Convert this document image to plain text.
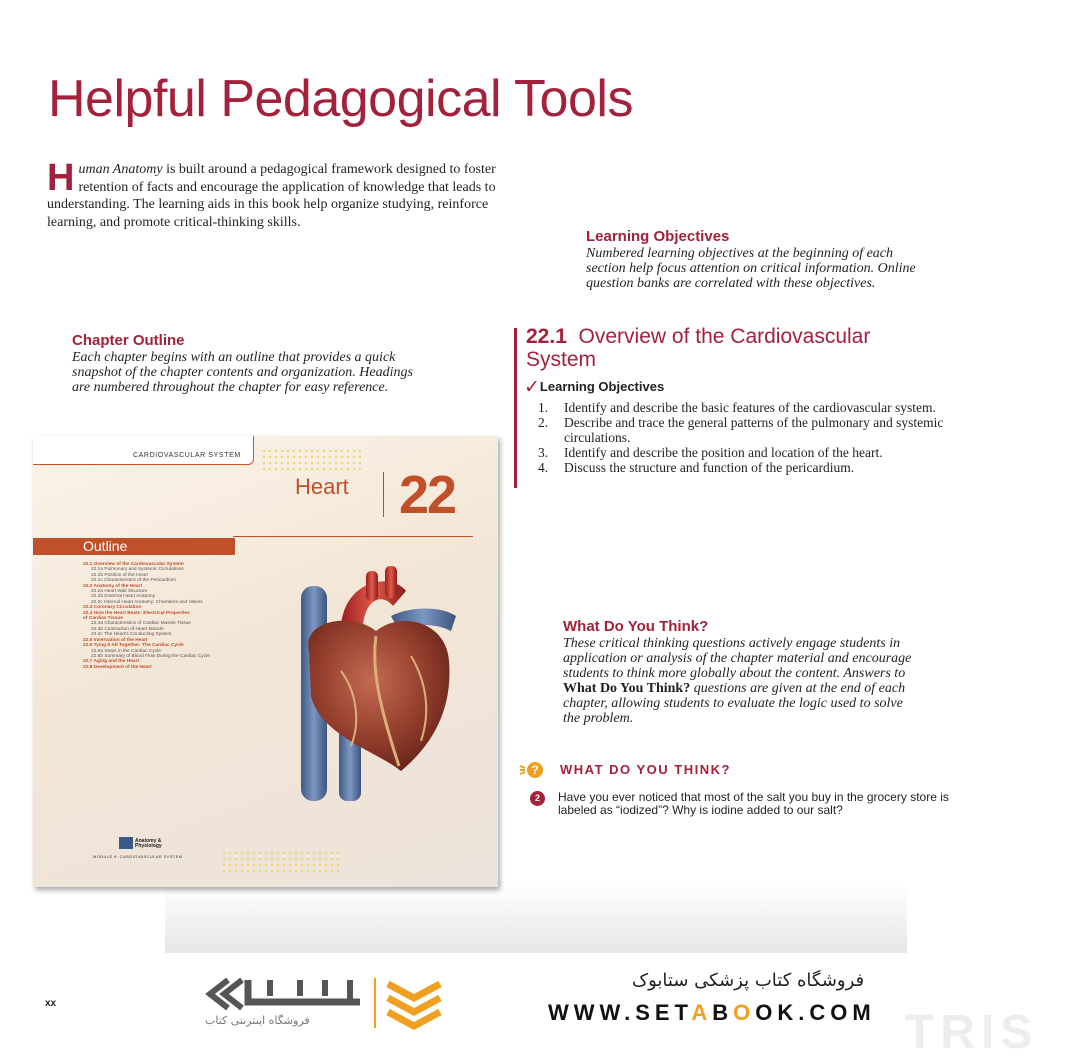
Helpful Pedagogical Tools
Human Anatomy is built around a pedagogical framework designed to foster retention of facts and encourage the application of knowledge that leads to understanding. The learning aids in this book help organize studying, reinforce learning, and promote critical-thinking skills.
Learning Objectives
Numbered learning objectives at the beginning of each section help focus attention on critical information. Online question banks are correlated with these objectives.
Chapter Outline
Each chapter begins with an outline that provides a quick snapshot of the chapter contents and organization. Headings are numbered throughout the chapter for easy reference.
CARDIOVASCULAR SYSTEM
Heart 22
Outline
22.1 Overview of the Cardiovascular System
22.1a Pulmonary and Systemic Circulations
22.1b Position of the Heart
22.1c Characteristics of the Pericardium
22.2 Anatomy of the Heart
22.2a Heart Wall Structure
22.2b External Heart Anatomy
22.2c Internal Heart Anatomy: Chambers and Valves
22.3 Coronary Circulation
22.4 How the Heart Beats: Electrical Properties
of Cardiac Tissue
22.4a Characteristics of Cardiac Muscle Tissue
22.4b Contraction of Heart Muscle
22.4c The Heart's Conducting System
22.5 Innervation of the Heart
22.6 Tying It All Together: The Cardiac Cycle
22.6a Steps in the Cardiac Cycle
22.6b Summary of Blood Flow During the Cardiac Cycle
22.7 Aging and the Heart
22.8 Development of the Heart
Anatomy &
Physiology
MODULE 9: CARDIOVASCULAR SYSTEM
22.1 Overview of the Cardiovascular System
✓Learning Objectives
1. Identify and describe the basic features of the cardiovascular system.
2. Describe and trace the general patterns of the pulmonary and systemic circulations.
3. Identify and describe the position and location of the heart.
4. Discuss the structure and function of the pericardium.
What Do You Think?
These critical thinking questions actively engage students in application or analysis of the chapter material and encourage students to think more globally about the content. Answers to What Do You Think? questions are given at the end of each chapter, allowing students to evaluate the logic used to solve the problem.
?	WHAT DO YOU THINK?
2	Have you ever noticed that most of the salt you buy in the grocery store is labeled as “iodized”? Why is iodine added to our salt?
xx
فروشگاه اینترنتی کتاب
فروشگاه کتاب پزشکی ستابوک
WWW.SETABOOK.COM TRIS
